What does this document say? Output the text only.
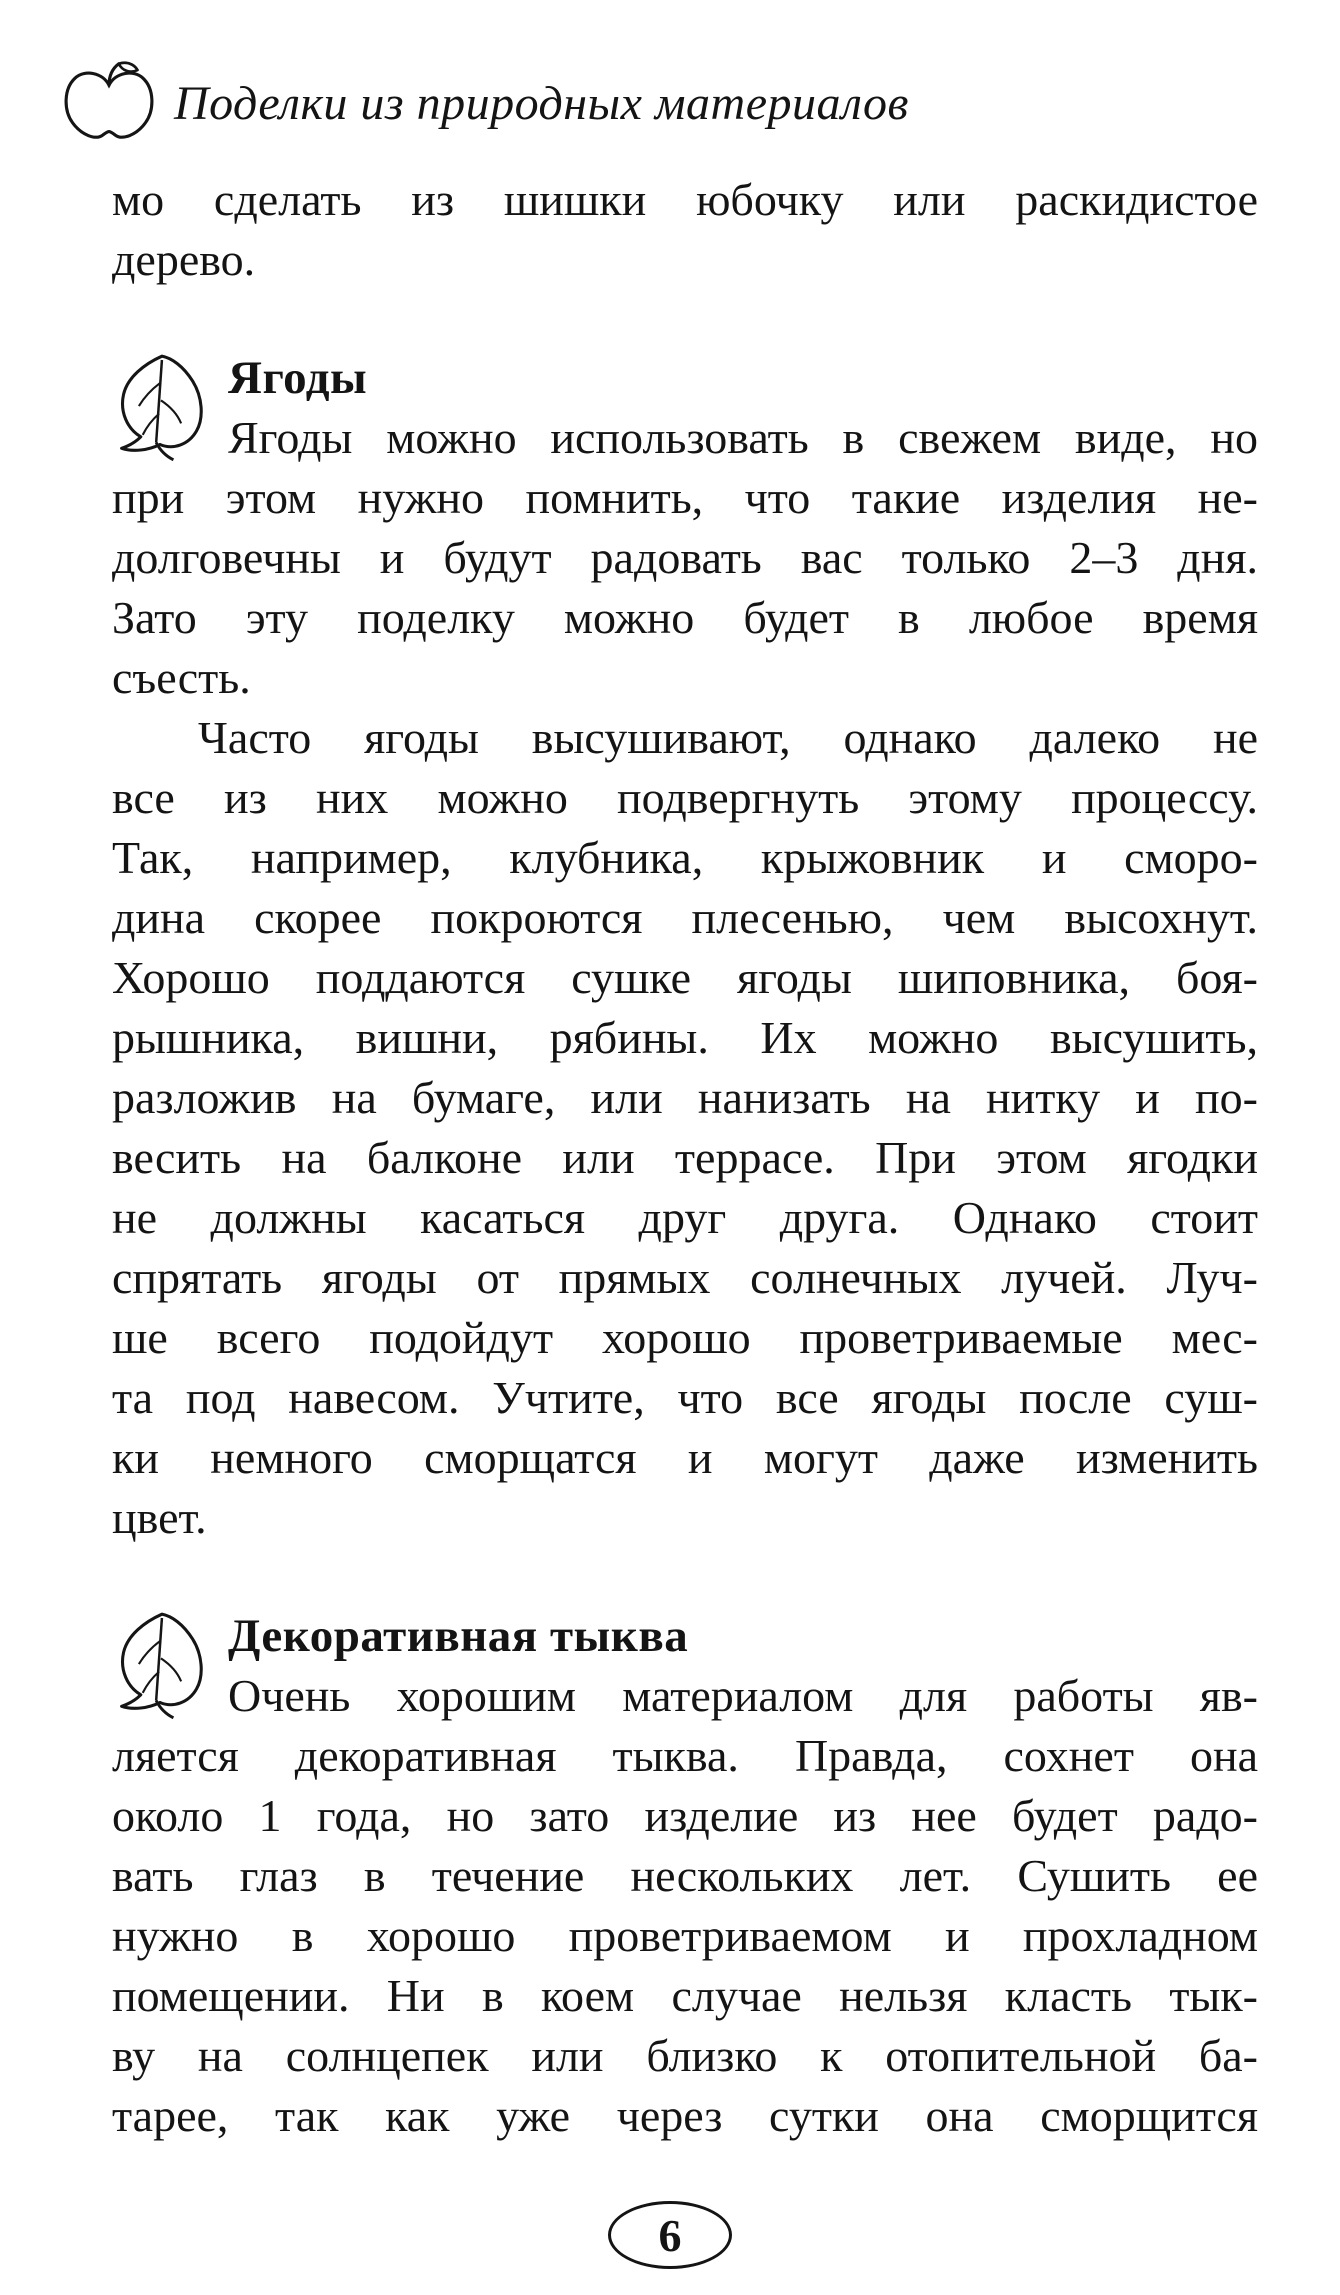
Поделки из природных материалов
мо сделать из шишки юбочку или раскидистое
дерево.
Ягоды
Ягоды можно использовать в свежем виде, но
при этом нужно помнить, что такие изделия не-
долговечны и будут радовать вас только 2–3 дня.
Зато эту поделку можно будет в любое время
съесть.
Часто ягоды высушивают, однако далеко не
все из них можно подвергнуть этому процессу.
Так, например, клубника, крыжовник и сморо-
дина скорее покроются плесенью, чем высохнут.
Хорошо поддаются сушке ягоды шиповника, боя-
рышника, вишни, рябины. Их можно высушить,
разложив на бумаге, или нанизать на нитку и по-
весить на балконе или террасе. При этом ягодки
не должны касаться друг друга. Однако стоит
спрятать ягоды от прямых солнечных лучей. Луч-
ше всего подойдут хорошо проветриваемые мес-
та под навесом. Учтите, что все ягоды после суш-
ки немного сморщатся и могут даже изменить
цвет.
Декоративная тыква
Очень хорошим материалом для работы яв-
ляется декоративная тыква. Правда, сохнет она
около 1 года, но зато изделие из нее будет радо-
вать глаз в течение нескольких лет. Сушить ее
нужно в хорошо проветриваемом и прохладном
помещении. Ни в коем случае нельзя класть тык-
ву на солнцепек или близко к отопительной ба-
тарее, так как уже через сутки она сморщится
6
